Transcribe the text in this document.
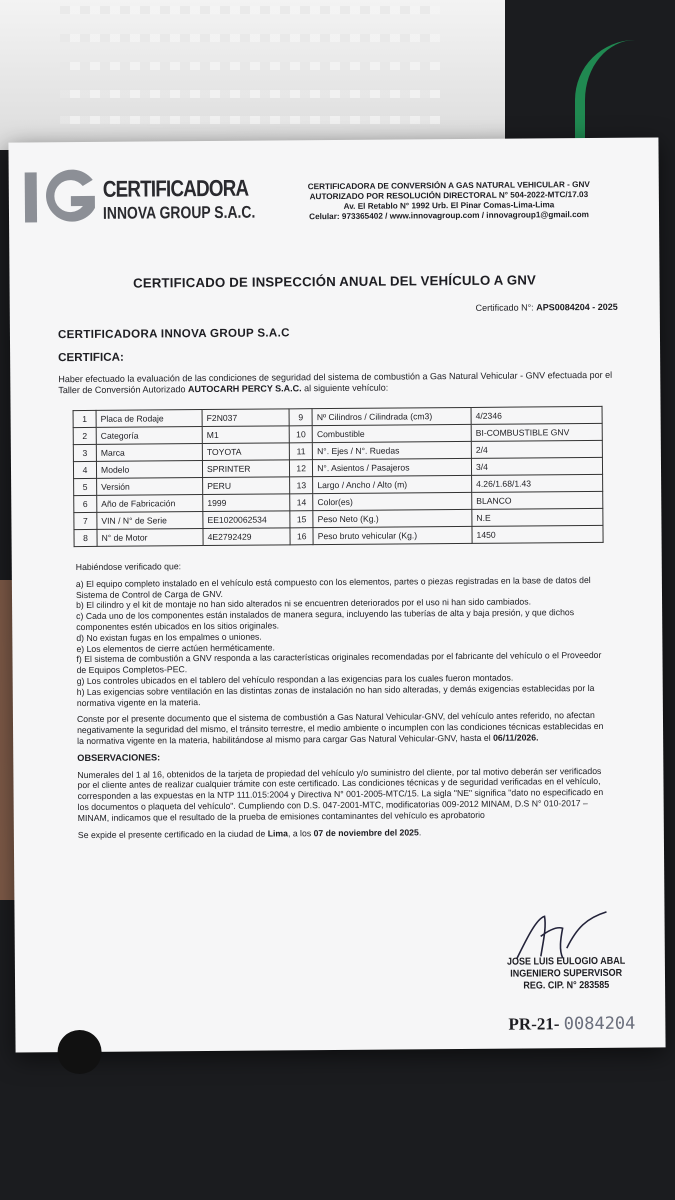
CERTIFICADORA
INNOVA GROUP S.A.C.
CERTIFICADORA DE CONVERSIÓN A GAS NATURAL VEHICULAR - GNV
AUTORIZADO POR RESOLUCIÓN DIRECTORAL N° 504-2022-MTC/17.03
Av. El Retablo N° 1992 Urb. El Pinar Comas-Lima-Lima
Celular: 973365402 / www.innovagroup.com / innovagroup1@gmail.com
CERTIFICADO DE INSPECCIÓN ANUAL DEL VEHÍCULO A GNV
Certificado N°: APS0084204 - 2025
CERTIFICADORA INNOVA GROUP S.A.C
CERTIFICA:
Haber efectuado la evaluación de las condiciones de seguridad del sistema de combustión a Gas Natural Vehicular - GNV efectuada por el Taller de Conversión Autorizado AUTOCARH PERCY S.A.C. al siguiente vehículo:
1	Placa de Rodaje	F2N037	9	Nº Cilindros / Cilindrada (cm3)	4/2346
2	Categoría	M1	10	Combustible	BI-COMBUSTIBLE GNV
3	Marca	TOYOTA	11	N°. Ejes / N°. Ruedas	2/4
4	Modelo	SPRINTER	12	N°. Asientos / Pasajeros	3/4
5	Versión	PERU	13	Largo / Ancho / Alto (m)	4.26/1.68/1.43
6	Año de Fabricación	1999	14	Color(es)	BLANCO
7	VIN / N° de Serie	EE1020062534	15	Peso Neto (Kg.)	N.E
8	N° de Motor	4E2792429	16	Peso bruto vehicular (Kg.)	1450

Habiéndose verificado que:

a) El equipo completo instalado en el vehículo está compuesto con los elementos, partes o piezas registradas en la base de datos del Sistema de Control de Carga de GNV.

b) El cilindro y el kit de montaje no han sido alterados ni se encuentren deteriorados por el uso ni han sido cambiados.

c) Cada uno de los componentes están instalados de manera segura, incluyendo las tuberías de alta y baja presión, y que dichos componentes estén ubicados en los sitios originales.

d) No existan fugas en los empalmes o uniones.

e) Los elementos de cierre actúen herméticamente.

f) El sistema de combustión a GNV responda a las características originales recomendadas por el fabricante del vehículo o el Proveedor de Equipos Completos-PEC.

g) Los controles ubicados en el tablero del vehículo respondan a las exigencias para los cuales fueron montados.

h) Las exigencias sobre ventilación en las distintas zonas de instalación no han sido alteradas, y demás exigencias establecidas por la normativa vigente en la materia.

Conste por el presente documento que el sistema de combustión a Gas Natural Vehicular-GNV, del vehículo antes referido, no afectan negativamente la seguridad del mismo, el tránsito terrestre, el medio ambiente o incumplen con las condiciones técnicas establecidas en la normativa vigente en la materia, habilitándose al mismo para cargar Gas Natural Vehicular-GNV, hasta el 06/11/2026.

OBSERVACIONES:

Numerales del 1 al 16, obtenidos de la tarjeta de propiedad del vehículo y/o suministro del cliente, por tal motivo deberán ser verificados por el cliente antes de realizar cualquier trámite con este certificado. Las condiciones técnicas y de seguridad verificadas en el vehículo, corresponden a las expuestas en la NTP 111.015:2004 y Directiva N° 001-2005-MTC/15. La sigla "NE" significa "dato no especificado en los documentos o plaqueta del vehículo". Cumpliendo con D.S. 047-2001-MTC, modificatorias 009-2012 MINAM, D.S N° 010-2017 – MINAM, indicamos que el resultado de la prueba de emisiones contaminantes del vehículo es aprobatorio

Se expide el presente certificado en la ciudad de Lima, a los 07 de noviembre del 2025.

JOSE LUIS EULOGIO ABAL
INGENIERO SUPERVISOR
REG. CIP. N° 283585
PR-21- 0084204
